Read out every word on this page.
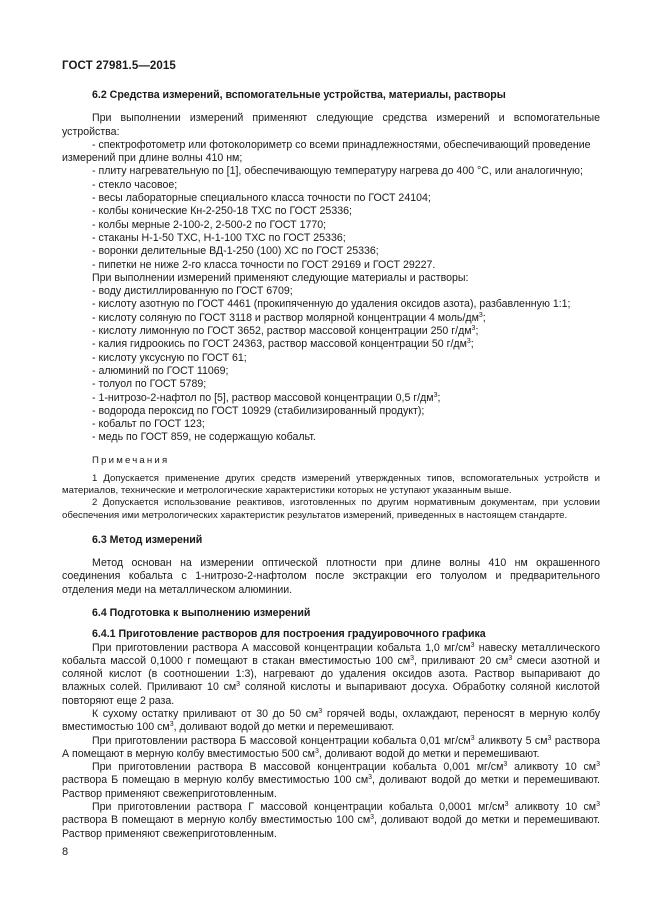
ГОСТ 27981.5—2015
6.2 Средства измерений, вспомогательные устройства, материалы, растворы
При выполнении измерений применяют следующие средства измерений и вспомогательные устройства:
- спектрофотометр или фотоколориметр со всеми принадлежностями, обеспечивающий проведение измерений при длине волны 410 нм;
- плиту нагревательную по [1], обеспечивающую температуру нагрева до 400 °С, или аналогичную;
- стекло часовое;
- весы лабораторные специального класса точности по ГОСТ 24104;
- колбы конические Кн-2-250-18 ТХС по ГОСТ 25336;
- колбы мерные 2-100-2, 2-500-2 по ГОСТ 1770;
- стаканы Н-1-50 ТХС, Н-1-100 ТХС по ГОСТ 25336;
- воронки делительные ВД-1-250 (100) ХС по ГОСТ 25336;
- пипетки не ниже 2-го класса точности по ГОСТ 29169 и ГОСТ 29227.
При выполнении измерений применяют следующие материалы и растворы:
- воду дистиллированную по ГОСТ 6709;
- кислоту азотную по ГОСТ 4461 (прокипяченную до удаления оксидов азота), разбавленную 1:1;
- кислоту соляную по ГОСТ 3118 и раствор молярной концентрации 4 моль/$дм^3$;
- кислоту лимонную по ГОСТ 3652, раствор массовой концентрации 250 $г/дм^3$;
- калия гидроокись по ГОСТ 24363, раствор массовой концентрации 50 $г/дм^3$;
- кислоту уксусную по ГОСТ 61;
- алюминий по ГОСТ 11069;
- толуол по ГОСТ 5789;
- 1-нитрозо-2-нафтол по [5], раствор массовой концентрации 0,5 $г/дм^3$;
- водорода пероксид по ГОСТ 10929 (стабилизированный продукт);
- кобальт по ГОСТ 123;
- медь по ГОСТ 859, не содержащую кобальт.
Примечания
1 Допускается применение других средств измерений утвержденных типов, вспомогательных устройств и материалов, технические и метрологические характеристики которых не уступают указанным выше.
2 Допускается использование реактивов, изготовленных по другим нормативным документам, при условии обеспечения ими метрологических характеристик результатов измерений, приведенных в настоящем стандарте.
6.3 Метод измерений
Метод основан на измерении оптической плотности при длине волны 410 нм окрашенного соединения кобальта с 1-нитрозо-2-нафтолом после экстракции его толуолом и предварительного отделения меди на металлическом алюминии.
6.4 Подготовка к выполнению измерений
6.4.1 Приготовление растворов для построения градуировочного графика
При приготовлении раствора А массовой концентрации кобальта 1,0 $мг/см^3$ навеску металлического кобальта массой 0,1000 г помещают в стакан вместимостью 100 $см^3$, приливают 20 $см^3$ смеси азотной и соляной кислот (в соотношении 1:3), нагревают до удаления оксидов азота. Раствор выпаривают до влажных солей. Приливают 10 $см^3$ соляной кислоты и выпаривают досуха. Обработку соляной кислотой повторяют еще 2 раза.
К сухому остатку приливают от 30 до 50 $см^3$ горячей воды, охлаждают, переносят в мерную колбу вместимостью 100 $см^3$, доливают водой до метки и перемешивают.
При приготовлении раствора Б массовой концентрации кобальта 0,01 $мг/см^3$ аликвоту 5 $см^3$ раствора А помещают в мерную колбу вместимостью 500 $см^3$, доливают водой до метки и перемешивают.
При приготовлении раствора В массовой концентрации кобальта 0,001 $мг/см^3$ аликвоту 10 $см^3$ раствора Б помещаю в мерную колбу вместимостью 100 $см^3$, доливают водой до метки и перемешивают. Раствор применяют свежеприготовленным.
При приготовлении раствора Г массовой концентрации кобальта 0,0001 $мг/см^3$ аликвоту 10 $см^3$ раствора В помещают в мерную колбу вместимостью 100 $см^3$, доливают водой до метки и перемешивают. Раствор применяют свежеприготовленным.
8
